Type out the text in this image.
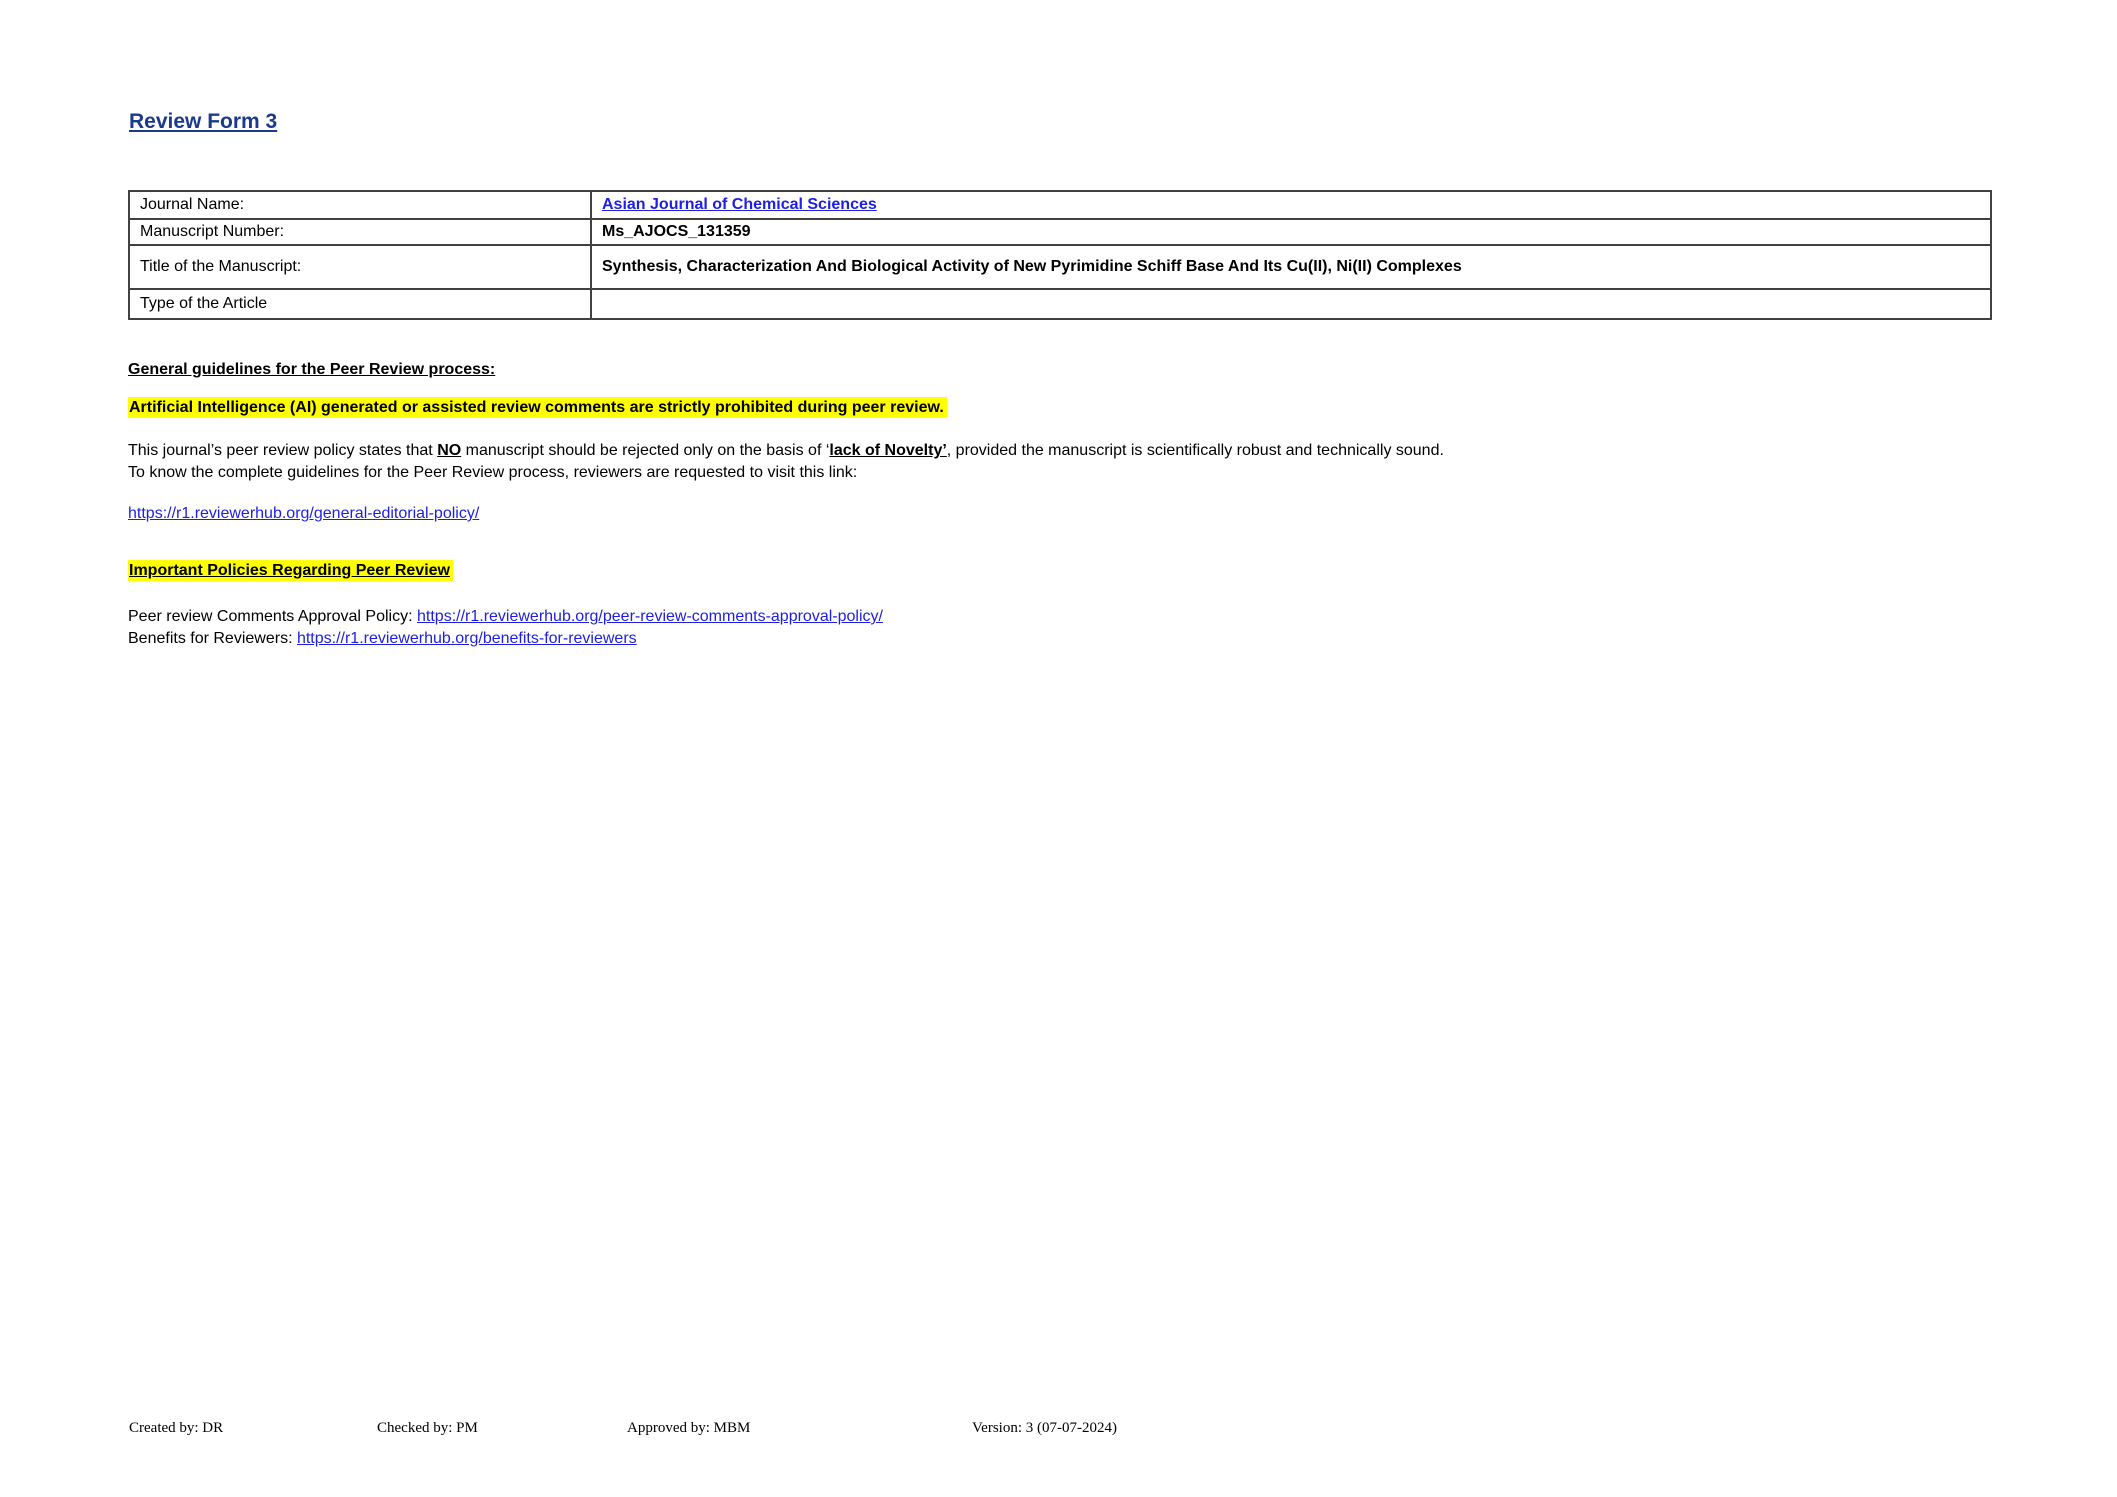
Review Form 3
Journal Name:	Asian Journal of Chemical Sciences
Manuscript Number:	Ms_AJOCS_131359
Title of the Manuscript:	Synthesis, Characterization And Biological Activity of New Pyrimidine Schiff Base And Its Cu(II), Ni(II) Complexes
Type of the Article	
General guidelines for the Peer Review process:
Artificial Intelligence (AI) generated or assisted review comments are strictly prohibited during peer review.
This journal’s peer review policy states that NO manuscript should be rejected only on the basis of ‘lack of Novelty’, provided the manuscript is scientifically robust and technically sound.
To know the complete guidelines for the Peer Review process, reviewers are requested to visit this link:
https://r1.reviewerhub.org/general-editorial-policy/
Important Policies Regarding Peer Review
Peer review Comments Approval Policy: https://r1.reviewerhub.org/peer-review-comments-approval-policy/
Benefits for Reviewers: https://r1.reviewerhub.org/benefits-for-reviewers
Created by: DR	Checked by: PM	Approved by: MBM	Version: 3 (07-07-2024)
